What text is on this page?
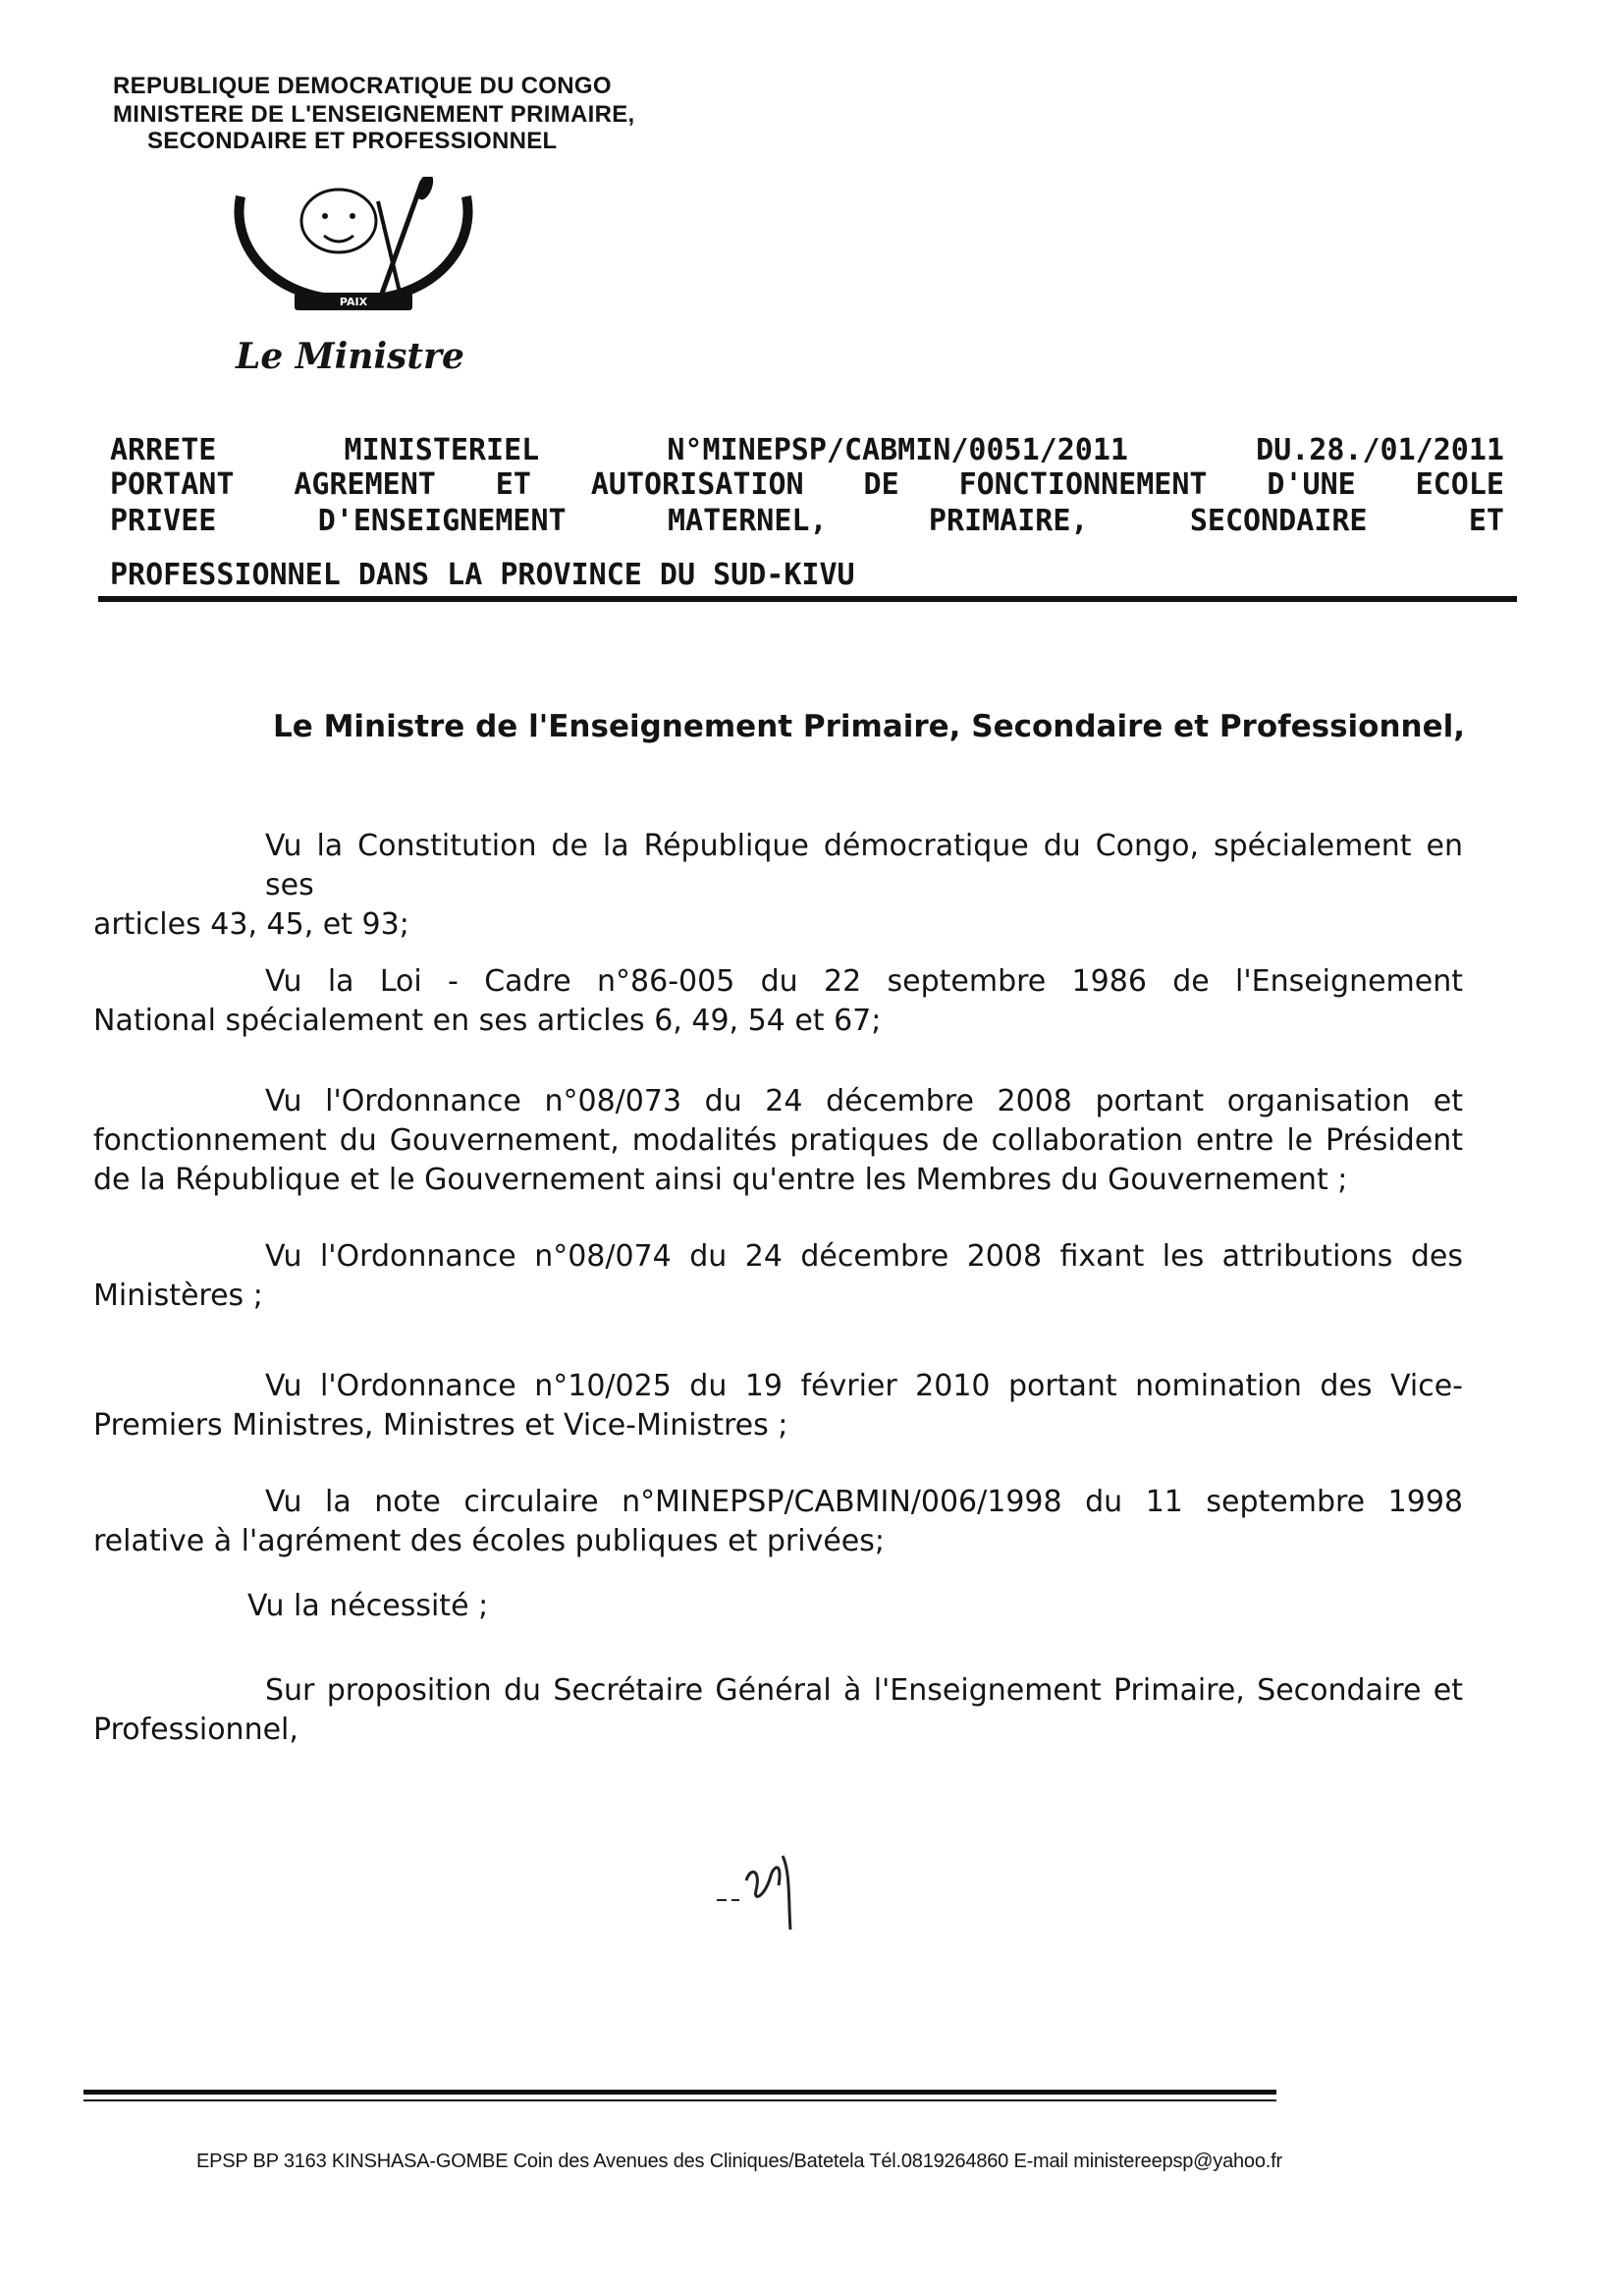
REPUBLIQUE DEMOCRATIQUE DU CONGO
MINISTERE DE L'ENSEIGNEMENT PRIMAIRE,
SECONDAIRE ET PROFESSIONNEL
PAIX
Le Ministre
ARRETE	MINISTERIEL	N°MINEPSP/CABMIN/0051/2011	DU.28./01/2011
PORTANT AGREMENT ET AUTORISATION DE FONCTIONNEMENT D'UNE ECOLE
PRIVEE D'ENSEIGNEMENT MATERNEL, PRIMAIRE, SECONDAIRE ET
PROFESSIONNEL DANS LA PROVINCE DU SUD-KIVU
Le Ministre de l'Enseignement Primaire, Secondaire et Professionnel,
Vu la Constitution de la République démocratique du Congo, spécialement en ses
articles 43, 45, et 93;
Vu la Loi - Cadre n°86-005 du 22 septembre 1986 de l'Enseignement
National spécialement en ses articles 6, 49, 54 et 67;
Vu l'Ordonnance n°08/073 du 24 décembre 2008 portant organisation et
fonctionnement du Gouvernement, modalités pratiques de collaboration entre le Président
de la République et le Gouvernement ainsi qu'entre les Membres du Gouvernement ;
Vu l'Ordonnance n°08/074 du 24 décembre 2008 fixant les attributions des
Ministères ;
Vu l'Ordonnance n°10/025 du 19 février 2010 portant nomination des Vice-
Premiers Ministres, Ministres et Vice-Ministres ;
Vu la note circulaire n°MINEPSP/CABMIN/006/1998 du 11 septembre 1998
relative à l'agrément des écoles publiques et privées;
Vu la nécessité ;
Sur proposition du Secrétaire Général à l'Enseignement Primaire, Secondaire et
Professionnel,
EPSP BP 3163 KINSHASA-GOMBE Coin des Avenues des Cliniques/Batetela Tél.0819264860 E-mail ministereepsp@yahoo.fr
